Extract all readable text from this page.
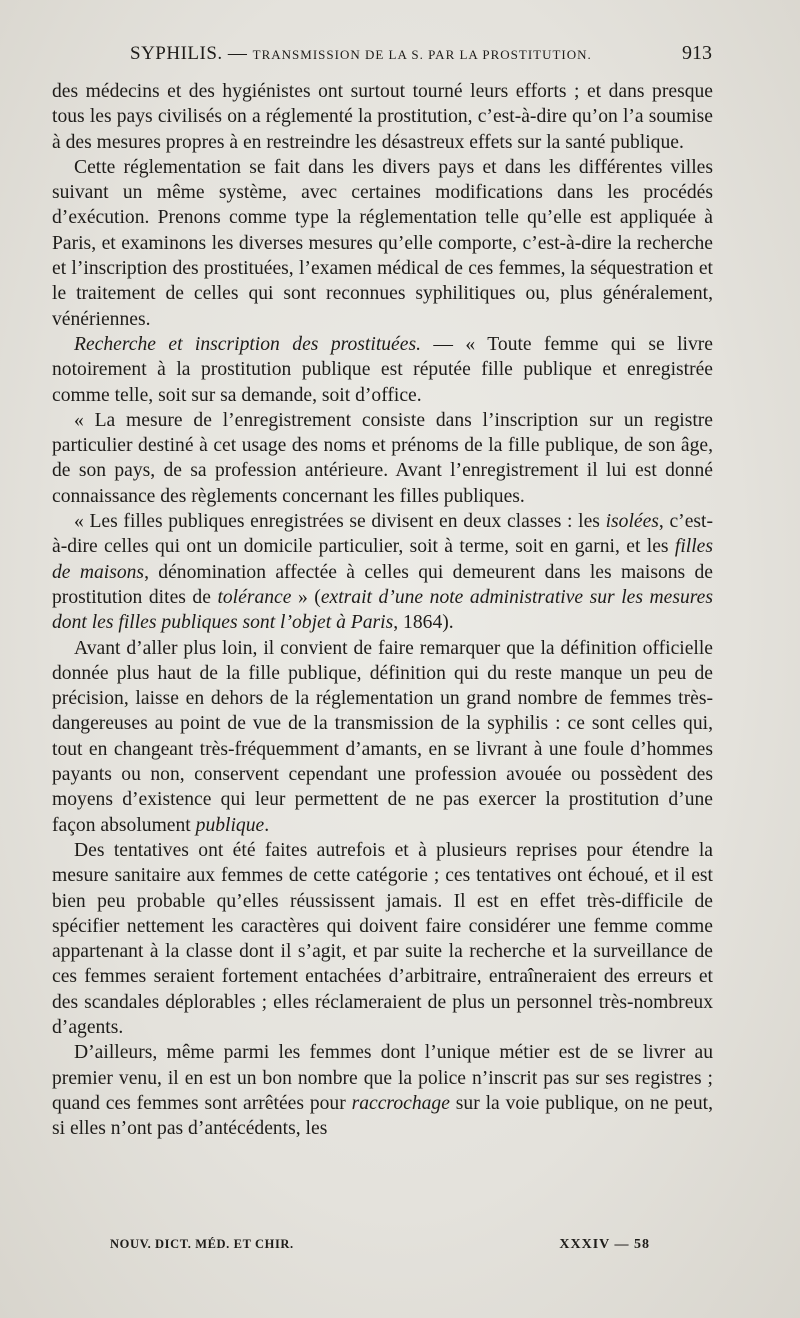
SYPHILIS. — TRANSMISSION DE LA S. PAR LA PROSTITUTION.	913

des médecins et des hygiénistes ont surtout tourné leurs efforts ; et dans presque tous les pays civilisés on a réglementé la prostitution, c’est-à-dire qu’on l’a soumise à des mesures propres à en restreindre les désastreux effets sur la santé publique.

Cette réglementation se fait dans les divers pays et dans les différentes villes suivant un même système, avec certaines modifications dans les procédés d’exécution. Prenons comme type la réglementation telle qu’elle est appliquée à Paris, et examinons les diverses mesures qu’elle comporte, c’est-à-dire la recherche et l’inscription des prostituées, l’examen médical de ces femmes, la séquestration et le traitement de celles qui sont reconnues syphilitiques ou, plus généralement, vénériennes.

Recherche et inscription des prostituées. — « Toute femme qui se livre notoirement à la prostitution publique est réputée fille publique et enregistrée comme telle, soit sur sa demande, soit d’office.

« La mesure de l’enregistrement consiste dans l’inscription sur un registre particulier destiné à cet usage des noms et prénoms de la fille publique, de son âge, de son pays, de sa profession antérieure. Avant l’enregistrement il lui est donné connaissance des règlements concernant les filles publiques.

« Les filles publiques enregistrées se divisent en deux classes : les isolées, c’est-à-dire celles qui ont un domicile particulier, soit à terme, soit en garni, et les filles de maisons, dénomination affectée à celles qui demeurent dans les maisons de prostitution dites de tolérance » (extrait d’une note administrative sur les mesures dont les filles publiques sont l’objet à Paris, 1864).

Avant d’aller plus loin, il convient de faire remarquer que la définition officielle donnée plus haut de la fille publique, définition qui du reste manque un peu de précision, laisse en dehors de la réglementation un grand nombre de femmes très-dangereuses au point de vue de la transmission de la syphilis : ce sont celles qui, tout en changeant très-fréquemment d’amants, en se livrant à une foule d’hommes payants ou non, conservent cependant une profession avouée ou possèdent des moyens d’existence qui leur permettent de ne pas exercer la prostitution d’une façon absolument publique.

Des tentatives ont été faites autrefois et à plusieurs reprises pour étendre la mesure sanitaire aux femmes de cette catégorie ; ces tentatives ont échoué, et il est bien peu probable qu’elles réussissent jamais. Il est en effet très-difficile de spécifier nettement les caractères qui doivent faire considérer une femme comme appartenant à la classe dont il s’agit, et par suite la recherche et la surveillance de ces femmes seraient fortement entachées d’arbitraire, entraîneraient des erreurs et des scandales déplorables ; elles réclameraient de plus un personnel très-nombreux d’agents.

D’ailleurs, même parmi les femmes dont l’unique métier est de se livrer au premier venu, il en est un bon nombre que la police n’inscrit pas sur ses registres ; quand ces femmes sont arrêtées pour raccrochage sur la voie publique, on ne peut, si elles n’ont pas d’antécédents, les

NOUV. DICT. MÉD. ET CHIR.	XXXIV — 58
